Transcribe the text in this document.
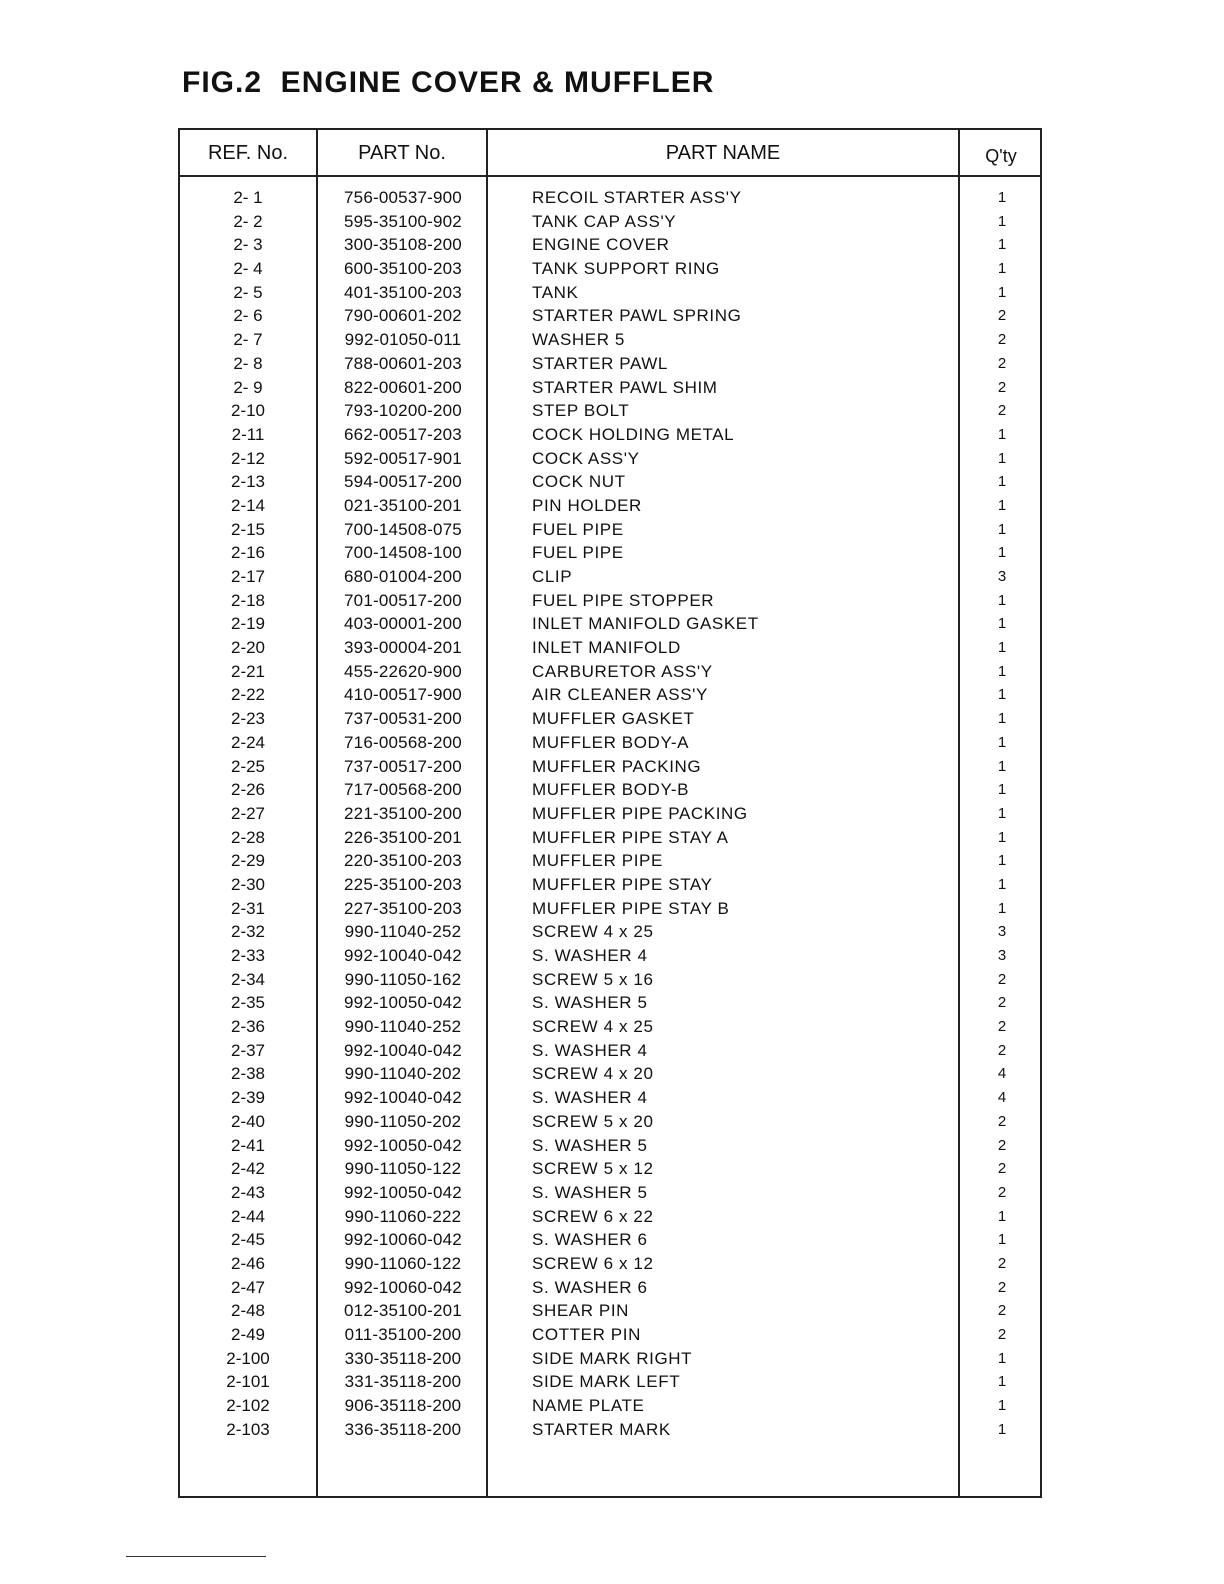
FIG.2  ENGINE COVER & MUFFLER
REF. No.	PART No.	PART NAME	Q'ty
2- 1	756-00537-900	RECOIL STARTER ASS'Y	1
2- 2	595-35100-902	TANK CAP ASS'Y	1
2- 3	300-35108-200	ENGINE COVER	1
2- 4	600-35100-203	TANK SUPPORT RING	1
2- 5	401-35100-203	TANK	1
2- 6	790-00601-202	STARTER PAWL SPRING	2
2- 7	992-01050-011	WASHER 5	2
2- 8	788-00601-203	STARTER PAWL	2
2- 9	822-00601-200	STARTER PAWL SHIM	2
2-10	793-10200-200	STEP BOLT	2
2-11	662-00517-203	COCK HOLDING METAL	1
2-12	592-00517-901	COCK ASS'Y	1
2-13	594-00517-200	COCK NUT	1
2-14	021-35100-201	PIN HOLDER	1
2-15	700-14508-075	FUEL PIPE	1
2-16	700-14508-100	FUEL PIPE	1
2-17	680-01004-200	CLIP	3
2-18	701-00517-200	FUEL PIPE STOPPER	1
2-19	403-00001-200	INLET MANIFOLD GASKET	1
2-20	393-00004-201	INLET MANIFOLD	1
2-21	455-22620-900	CARBURETOR ASS'Y	1
2-22	410-00517-900	AIR CLEANER ASS'Y	1
2-23	737-00531-200	MUFFLER GASKET	1
2-24	716-00568-200	MUFFLER BODY-A	1
2-25	737-00517-200	MUFFLER PACKING	1
2-26	717-00568-200	MUFFLER BODY-B	1
2-27	221-35100-200	MUFFLER PIPE PACKING	1
2-28	226-35100-201	MUFFLER PIPE STAY A	1
2-29	220-35100-203	MUFFLER PIPE	1
2-30	225-35100-203	MUFFLER PIPE STAY	1
2-31	227-35100-203	MUFFLER PIPE STAY B	1
2-32	990-11040-252	SCREW 4 x 25	3
2-33	992-10040-042	S. WASHER 4	3
2-34	990-11050-162	SCREW 5 x 16	2
2-35	992-10050-042	S. WASHER 5	2
2-36	990-11040-252	SCREW 4 x 25	2
2-37	992-10040-042	S. WASHER 4	2
2-38	990-11040-202	SCREW 4 x 20	4
2-39	992-10040-042	S. WASHER 4	4
2-40	990-11050-202	SCREW 5 x 20	2
2-41	992-10050-042	S. WASHER 5	2
2-42	990-11050-122	SCREW 5 x 12	2
2-43	992-10050-042	S. WASHER 5	2
2-44	990-11060-222	SCREW 6 x 22	1
2-45	992-10060-042	S. WASHER 6	1
2-46	990-11060-122	SCREW 6 x 12	2
2-47	992-10060-042	S. WASHER 6	2
2-48	012-35100-201	SHEAR PIN	2
2-49	011-35100-200	COTTER PIN	2
2-100	330-35118-200	SIDE MARK RIGHT	1
2-101	331-35118-200	SIDE MARK LEFT	1
2-102	906-35118-200	NAME PLATE	1
2-103	336-35118-200	STARTER MARK	1
